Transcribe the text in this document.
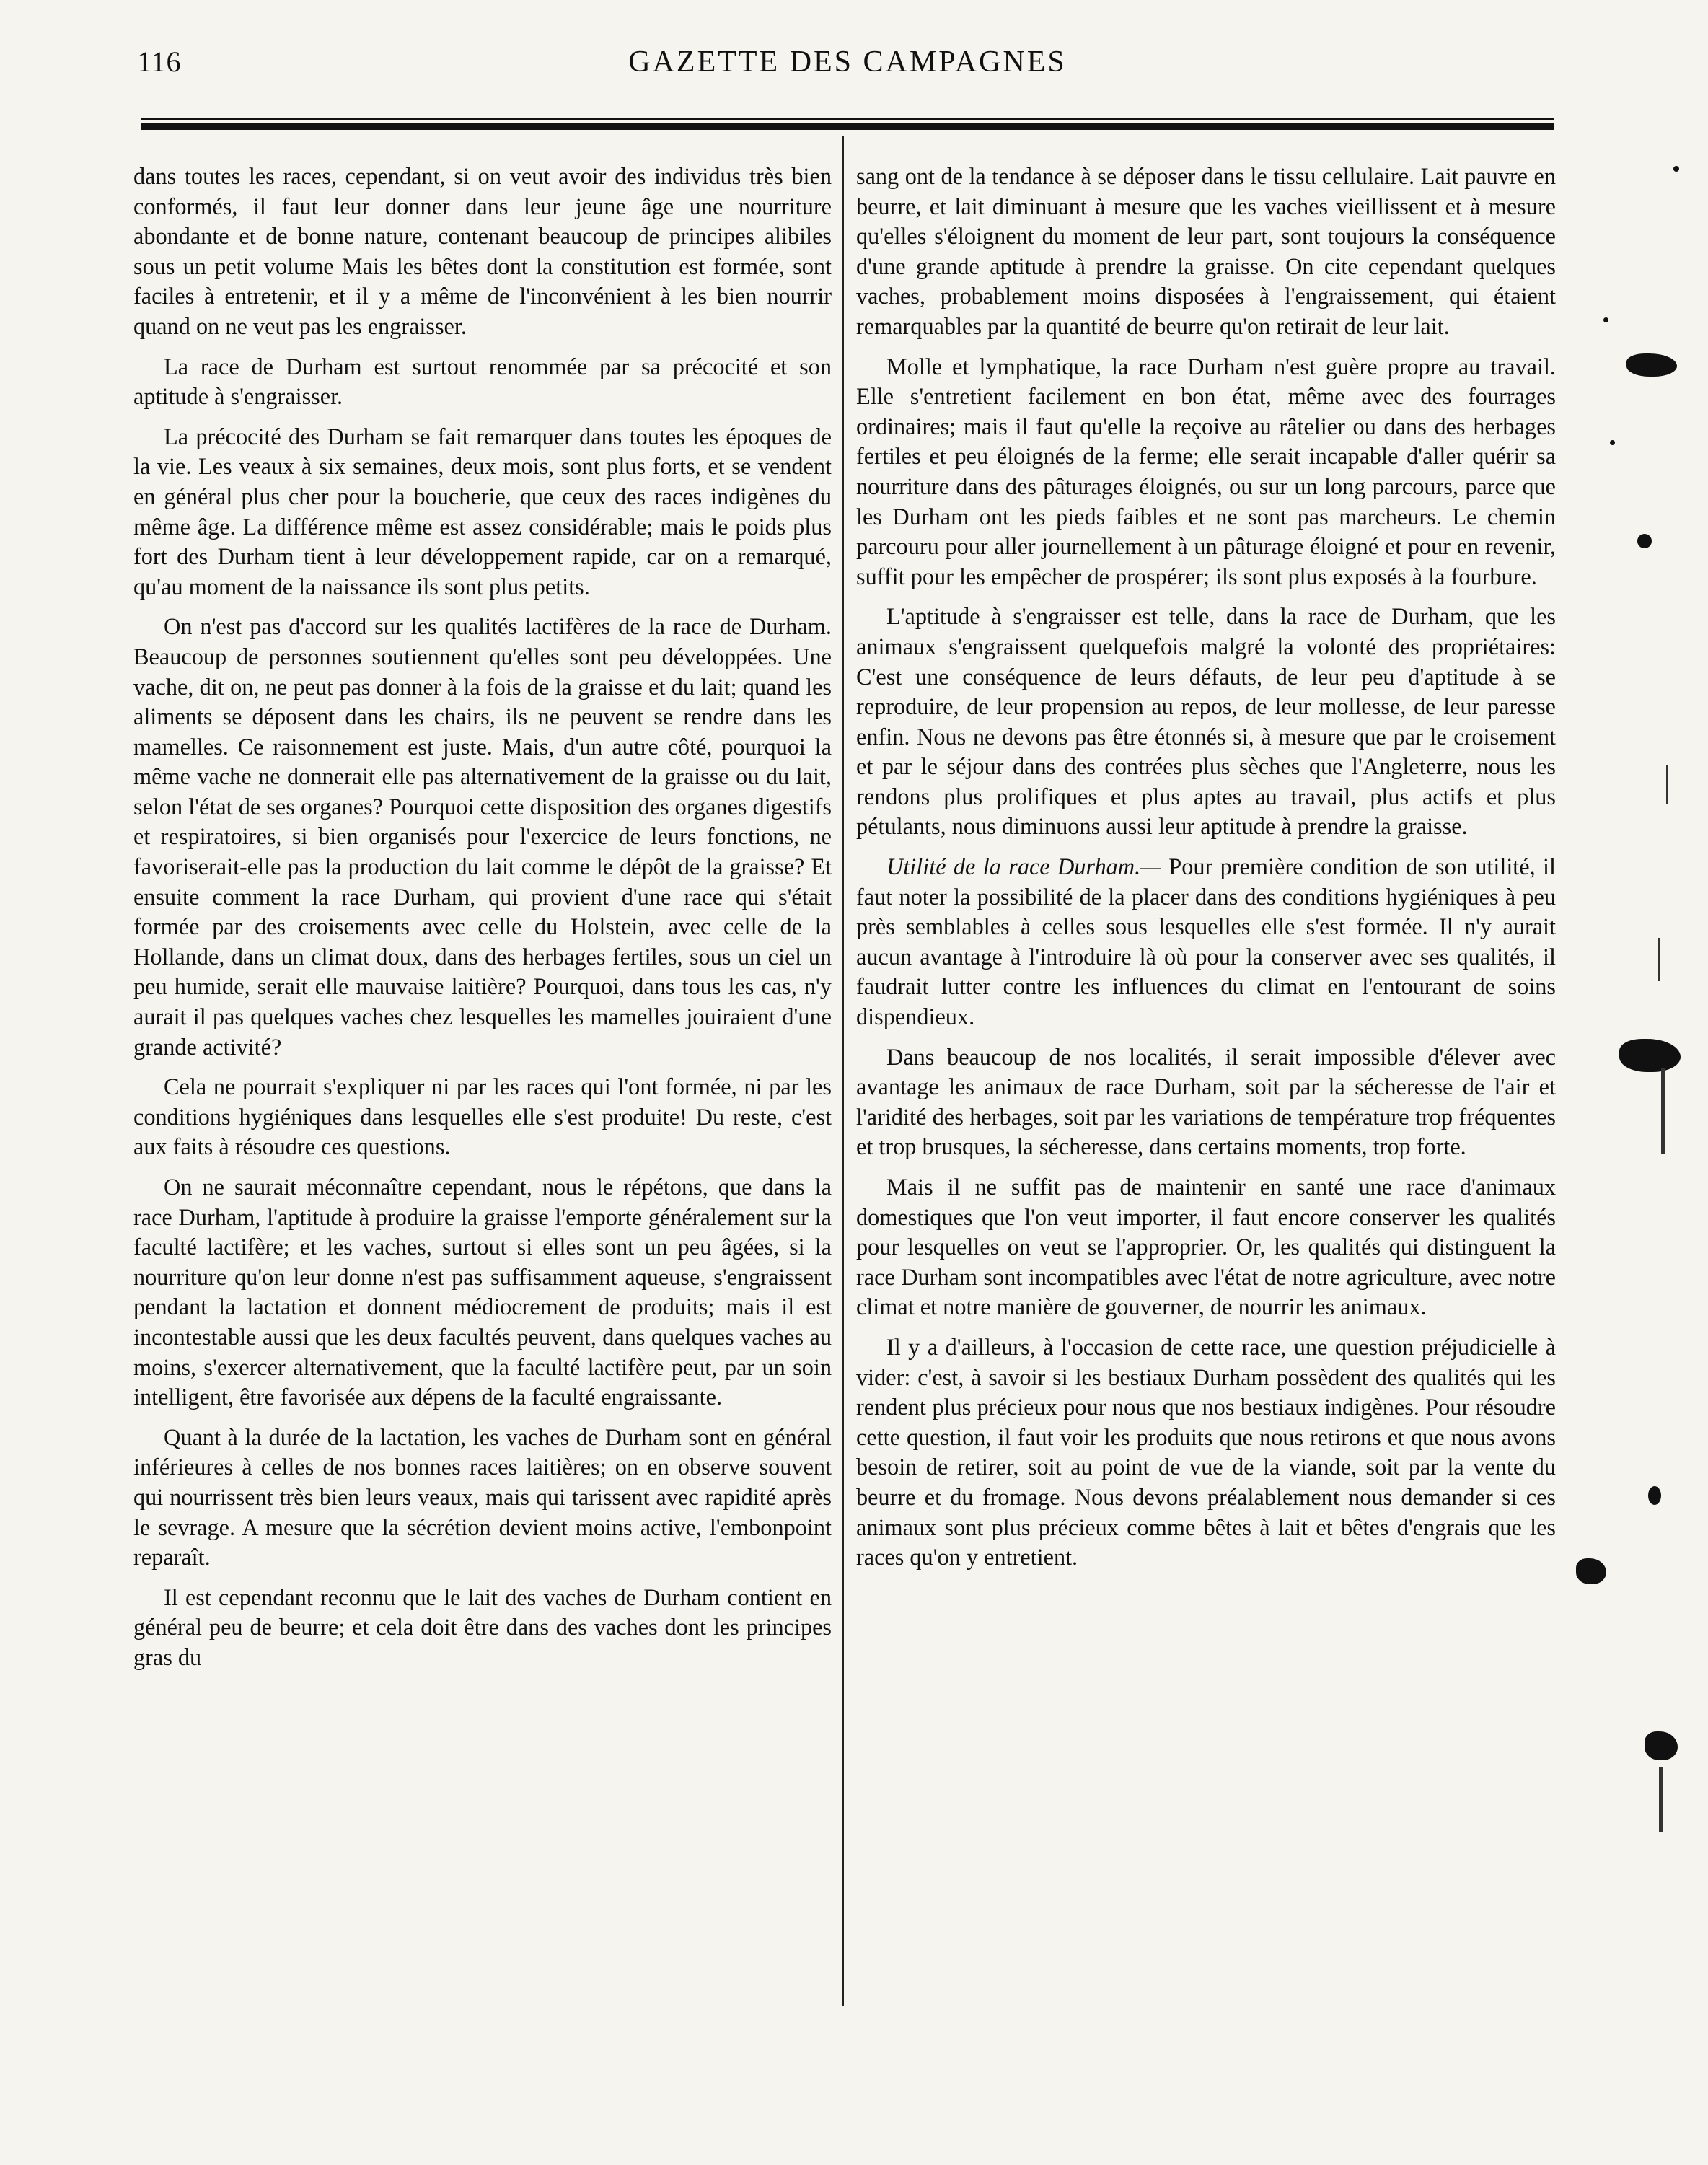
116	GAZETTE DES CAMPAGNES

dans toutes les races, cependant, si on veut avoir des individus très bien conformés, il faut leur donner dans leur jeune âge une nourriture abondante et de bonne nature, contenant beaucoup de principes alibiles sous un petit volume Mais les bêtes dont la constitution est formée, sont faciles à entretenir, et il y a même de l'inconvénient à les bien nourrir quand on ne veut pas les engraisser.

La race de Durham est surtout renommée par sa précocité et son aptitude à s'engraisser.

La précocité des Durham se fait remarquer dans toutes les époques de la vie. Les veaux à six semaines, deux mois, sont plus forts, et se vendent en général plus cher pour la boucherie, que ceux des races indigènes du même âge. La différence même est assez considérable; mais le poids plus fort des Durham tient à leur développement rapide, car on a remarqué, qu'au moment de la naissance ils sont plus petits.

On n'est pas d'accord sur les qualités lactifères de la race de Durham. Beaucoup de personnes soutiennent qu'elles sont peu développées. Une vache, dit on, ne peut pas donner à la fois de la graisse et du lait; quand les aliments se déposent dans les chairs, ils ne peuvent se rendre dans les mamelles. Ce raisonnement est juste. Mais, d'un autre côté, pourquoi la même vache ne donnerait elle pas alternativement de la graisse ou du lait, selon l'état de ses organes? Pourquoi cette disposition des organes digestifs et respiratoires, si bien organisés pour l'exercice de leurs fonctions, ne favoriserait-elle pas la production du lait comme le dépôt de la graisse? Et ensuite comment la race Durham, qui provient d'une race qui s'était formée par des croisements avec celle du Holstein, avec celle de la Hollande, dans un climat doux, dans des herbages fertiles, sous un ciel un peu humide, serait elle mauvaise laitière? Pourquoi, dans tous les cas, n'y aurait il pas quelques vaches chez lesquelles les mamelles jouiraient d'une grande activité?

Cela ne pourrait s'expliquer ni par les races qui l'ont formée, ni par les conditions hygiéniques dans lesquelles elle s'est produite! Du reste, c'est aux faits à résoudre ces questions.

On ne saurait méconnaître cependant, nous le répétons, que dans la race Durham, l'aptitude à produire la graisse l'emporte généralement sur la faculté lactifère; et les vaches, surtout si elles sont un peu âgées, si la nourriture qu'on leur donne n'est pas suffisamment aqueuse, s'engraissent pendant la lactation et donnent médiocrement de produits; mais il est incontestable aussi que les deux facultés peuvent, dans quelques vaches au moins, s'exercer alternativement, que la faculté lactifère peut, par un soin intelligent, être favorisée aux dépens de la faculté engraissante.

Quant à la durée de la lactation, les vaches de Durham sont en général inférieures à celles de nos bonnes races laitières; on en observe souvent qui nourrissent très bien leurs veaux, mais qui tarissent avec rapidité après le sevrage. A mesure que la sécrétion devient moins active, l'embonpoint reparaît.

Il est cependant reconnu que le lait des vaches de Durham contient en général peu de beurre; et cela doit être dans des vaches dont les principes gras du

sang ont de la tendance à se déposer dans le tissu cellulaire. Lait pauvre en beurre, et lait diminuant à mesure que les vaches vieillissent et à mesure qu'elles s'éloignent du moment de leur part, sont toujours la conséquence d'une grande aptitude à prendre la graisse. On cite cependant quelques vaches, probablement moins disposées à l'engraissement, qui étaient remarquables par la quantité de beurre qu'on retirait de leur lait.

Molle et lymphatique, la race Durham n'est guère propre au travail. Elle s'entretient facilement en bon état, même avec des fourrages ordinaires; mais il faut qu'elle la reçoive au râtelier ou dans des herbages fertiles et peu éloignés de la ferme; elle serait incapable d'aller quérir sa nourriture dans des pâturages éloignés, ou sur un long parcours, parce que les Durham ont les pieds faibles et ne sont pas marcheurs. Le chemin parcouru pour aller journellement à un pâturage éloigné et pour en revenir, suffit pour les empêcher de prospérer; ils sont plus exposés à la fourbure.

L'aptitude à s'engraisser est telle, dans la race de Durham, que les animaux s'engraissent quelquefois malgré la volonté des propriétaires: C'est une conséquence de leurs défauts, de leur peu d'aptitude à se reproduire, de leur propension au repos, de leur mollesse, de leur paresse enfin. Nous ne devons pas être étonnés si, à mesure que par le croisement et par le séjour dans des contrées plus sèches que l'Angleterre, nous les rendons plus prolifiques et plus aptes au travail, plus actifs et plus pétulants, nous diminuons aussi leur aptitude à prendre la graisse.

Utilité de la race Durham.— Pour première condition de son utilité, il faut noter la possibilité de la placer dans des conditions hygiéniques à peu près semblables à celles sous lesquelles elle s'est formée. Il n'y aurait aucun avantage à l'introduire là où pour la conserver avec ses qualités, il faudrait lutter contre les influences du climat en l'entourant de soins dispendieux.

Dans beaucoup de nos localités, il serait impossible d'élever avec avantage les animaux de race Durham, soit par la sécheresse de l'air et l'aridité des herbages, soit par les variations de température trop fréquentes et trop brusques, la sécheresse, dans certains moments, trop forte.

Mais il ne suffit pas de maintenir en santé une race d'animaux domestiques que l'on veut importer, il faut encore conserver les qualités pour lesquelles on veut se l'approprier. Or, les qualités qui distinguent la race Durham sont incompatibles avec l'état de notre agriculture, avec notre climat et notre manière de gouverner, de nourrir les animaux.

Il y a d'ailleurs, à l'occasion de cette race, une question préjudicielle à vider: c'est, à savoir si les bestiaux Durham possèdent des qualités qui les rendent plus précieux pour nous que nos bestiaux indigènes. Pour résoudre cette question, il faut voir les produits que nous retirons et que nous avons besoin de retirer, soit au point de vue de la viande, soit par la vente du beurre et du fromage. Nous devons préalablement nous demander si ces animaux sont plus précieux comme bêtes à lait et bêtes d'engrais que les races qu'on y entretient.
